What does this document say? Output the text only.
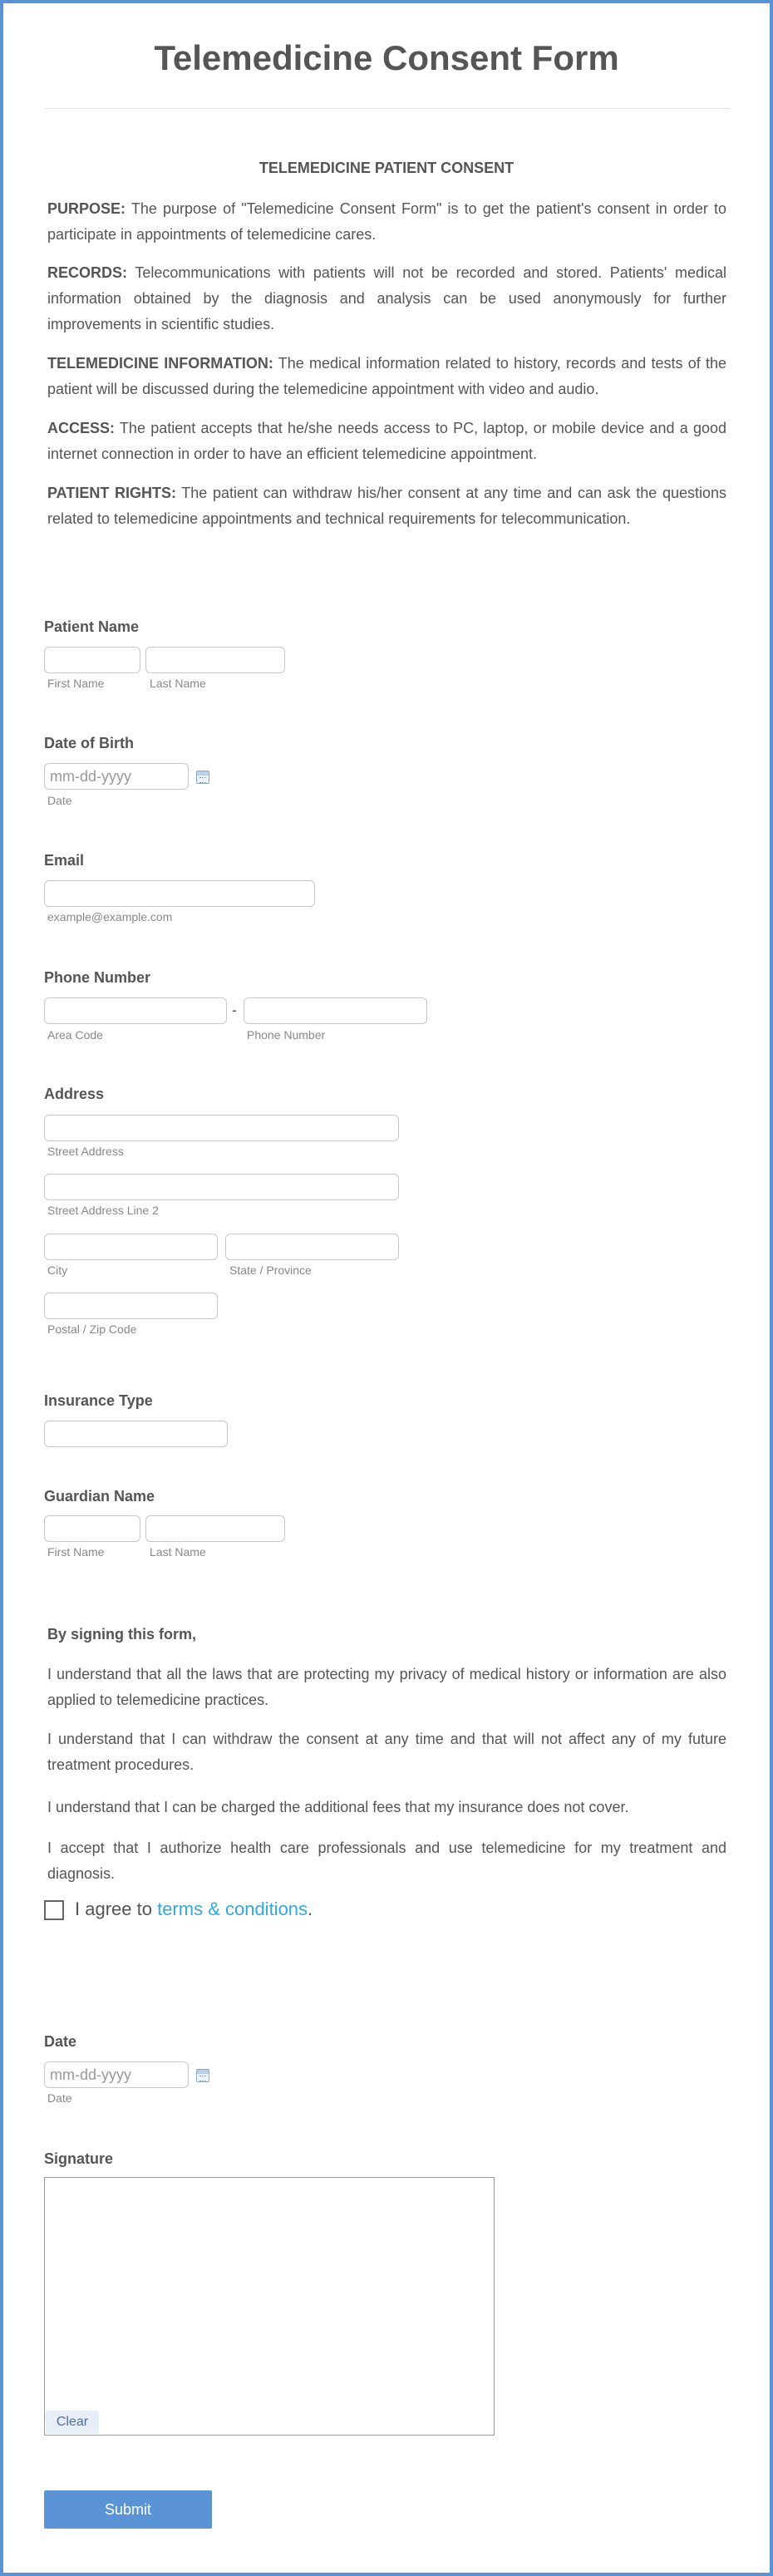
Telemedicine Consent Form
TELEMEDICINE PATIENT CONSENT

PURPOSE: The purpose of "Telemedicine Consent Form" is to get the patient's consent in order to participate in appointments of telemedicine cares.

RECORDS: Telecommunications with patients will not be recorded and stored. Patients' medical information obtained by the diagnosis and analysis can be used anonymously for further improvements in scientific studies.

TELEMEDICINE INFORMATION: The medical information related to history, records and tests of the patient will be discussed during the telemedicine appointment with video and audio.

ACCESS: The patient accepts that he/she needs access to PC, laptop, or mobile device and a good internet connection in order to have an efficient telemedicine appointment.

PATIENT RIGHTS: The patient can withdraw his/her consent at any time and can ask the questions related to telemedicine appointments and technical requirements for telecommunication.

Patient Name
First Name	Last Name
Date of Birth
mm-dd-yyyy
Date
Email
example@example.com
Phone Number
-
Area Code	Phone Number
Address
Street Address
Street Address Line 2
City	State / Province
Postal / Zip Code
Insurance Type
Guardian Name
First Name	Last Name
By signing this form,

I understand that all the laws that are protecting my privacy of medical history or information are also applied to telemedicine practices.

I understand that I can withdraw the consent at any time and that will not affect any of my future treatment procedures.

I understand that I can be charged the additional fees that my insurance does not cover.

I accept that I authorize health care professionals and use telemedicine for my treatment and diagnosis.

I agree to terms & conditions.
Date
mm-dd-yyyy
Date
Signature
Clear
Submit
